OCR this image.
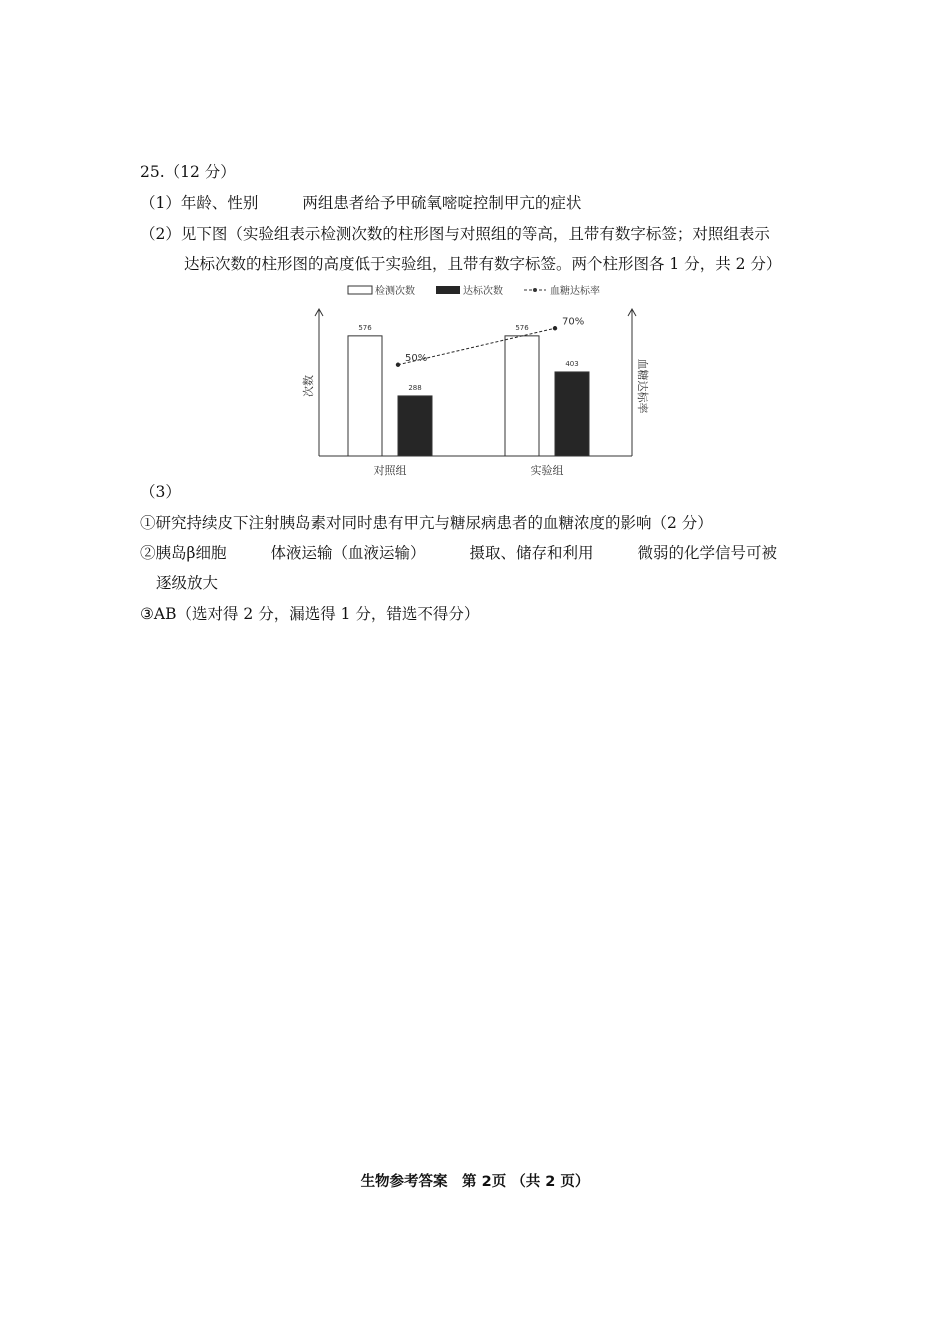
25.（12 分）
（1）年龄、性别	两组患者给予甲硫氧嘧啶控制甲亢的症状
（2）见下图（实验组表示检测次数的柱形图与对照组的等高，且带有数字标签；对照组表示
达标次数的柱形图的高度低于实验组，且带有数字标签。两个柱形图各 1 分，共 2 分）
检测次数	达标次数	血糖达标率
次数	血糖达标率
576
288
对照组
576
403
实验组
50%
70%
（3）
①研究持续皮下注射胰岛素对同时患有甲亢与糖尿病患者的血糖浓度的影响（2 分）
②胰岛β细胞	体液运输（血液运输）	摄取、储存和利用	微弱的化学信号可被
逐级放大
③AB（选对得 2 分，漏选得 1 分，错选不得分）
生物参考答案　第 2页 （共 2 页）
